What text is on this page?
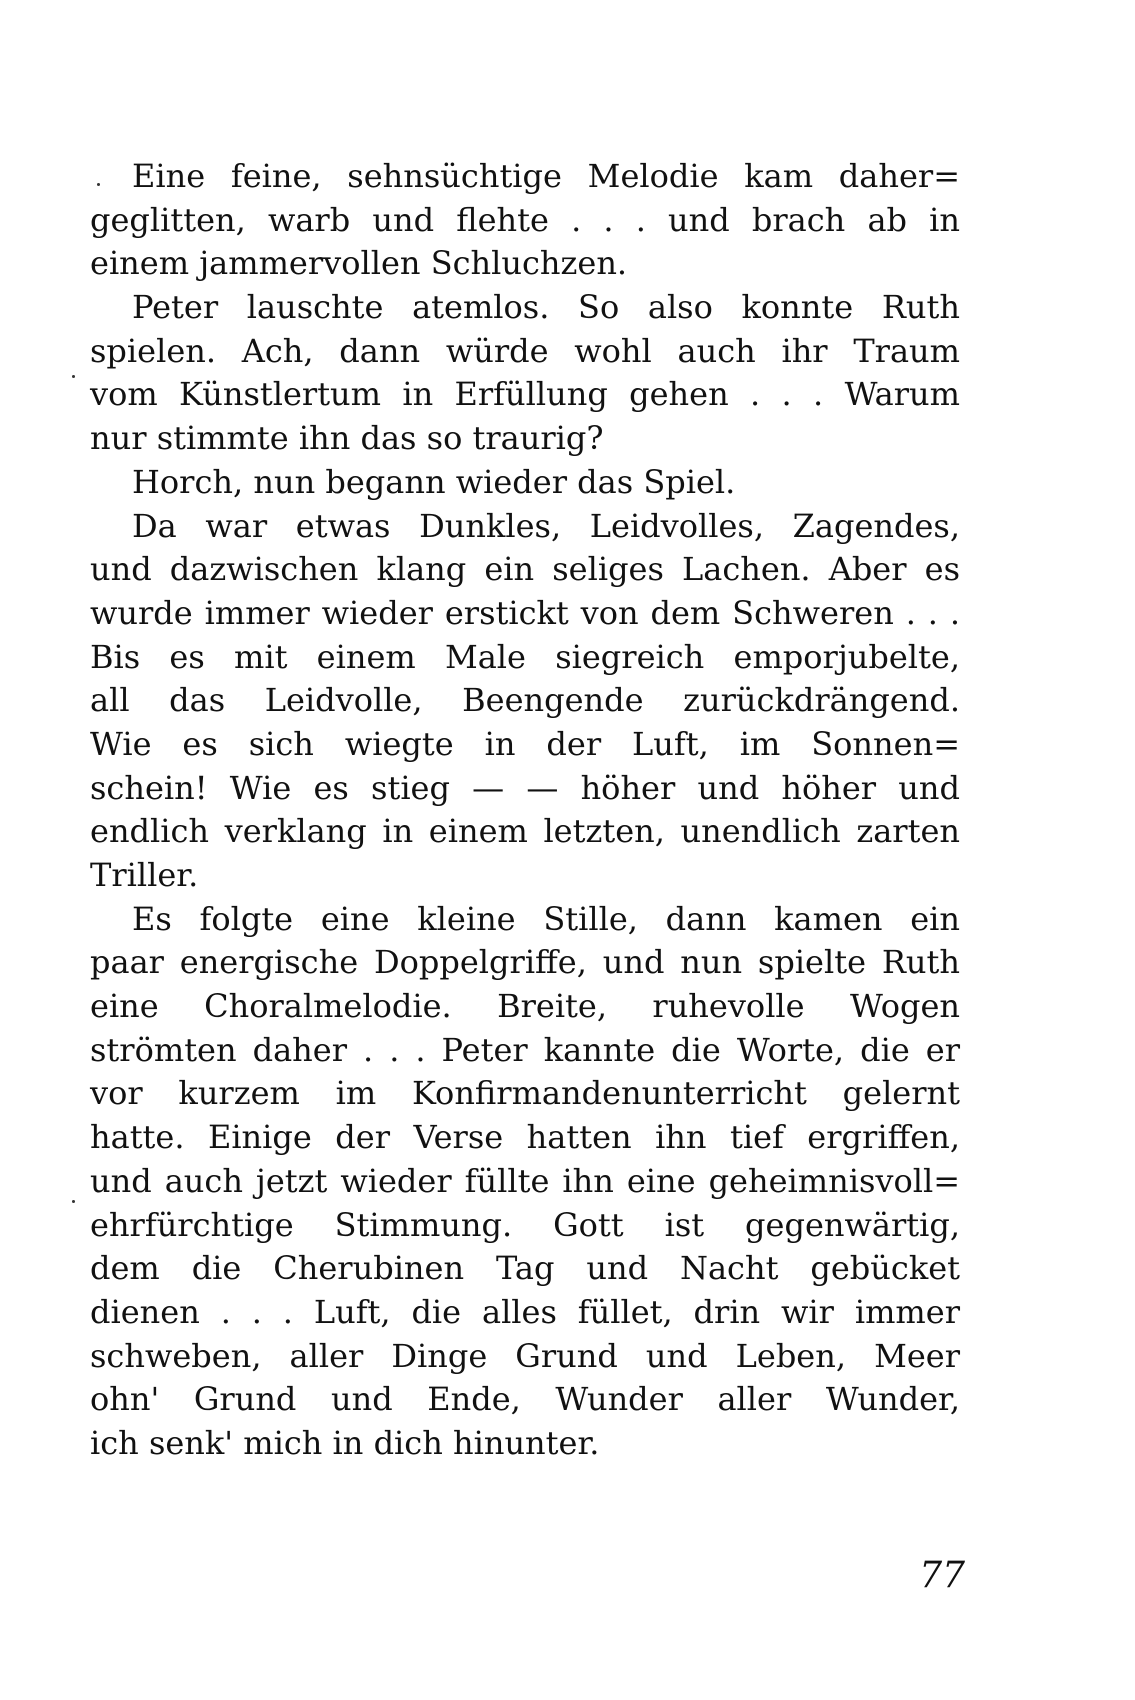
Eine feine, sehnsüchtige Melodie kam daher=
geglitten, warb und flehte . . . und brach ab in
einem jammervollen Schluchzen.
Peter lauschte atemlos. So also konnte Ruth
spielen. Ach, dann würde wohl auch ihr Traum
vom Künstlertum in Erfüllung gehen . . . Warum
nur stimmte ihn das so traurig?
Horch, nun begann wieder das Spiel.
Da war etwas Dunkles, Leidvolles, Zagendes,
und dazwischen klang ein seliges Lachen. Aber es
wurde immer wieder erstickt von dem Schweren . . .
Bis es mit einem Male siegreich emporjubelte,
all das Leidvolle, Beengende zurückdrängend.
Wie es sich wiegte in der Luft, im Sonnen=
schein! Wie es stieg — — höher und höher und
endlich verklang in einem letzten, unendlich zarten
Triller.
Es folgte eine kleine Stille, dann kamen ein
paar energische Doppelgriffe, und nun spielte Ruth
eine Choralmelodie. Breite, ruhevolle Wogen
strömten daher . . . Peter kannte die Worte, die er
vor kurzem im Konfirmandenunterricht gelernt
hatte. Einige der Verse hatten ihn tief ergriffen,
und auch jetzt wieder füllte ihn eine geheimnisvoll=
ehrfürchtige Stimmung. Gott ist gegenwärtig,
dem die Cherubinen Tag und Nacht gebücket
dienen . . . Luft, die alles füllet, drin wir immer
schweben, aller Dinge Grund und Leben, Meer
ohn' Grund und Ende, Wunder aller Wunder,
ich senk' mich in dich hinunter.
77
